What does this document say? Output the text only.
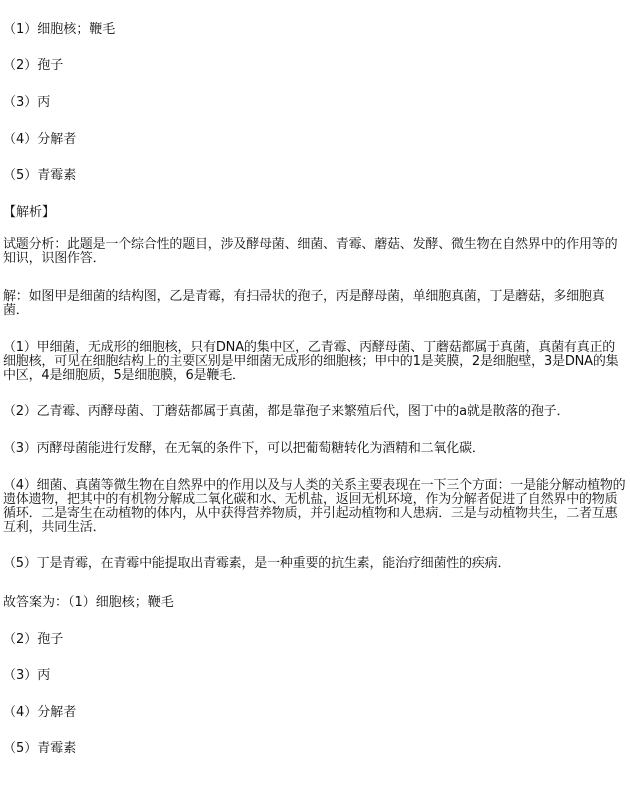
（1）细胞核；鞭毛
（2）孢子
（3）丙
（4）分解者
（5）青霉素
【解析】
试题分析：此题是一个综合性的题目，涉及酵母菌、细菌、青霉、蘑菇、发酵、微生物在自然界中的作用等的知识，识图作答．
解：如图甲是细菌的结构图，乙是青霉，有扫帚状的孢子，丙是酵母菌，单细胞真菌，丁是蘑菇，多细胞真菌．
（1）甲细菌，无成形的细胞核，只有DNA的集中区，乙青霉、丙酵母菌、丁蘑菇都属于真菌，真菌有真正的细胞核，可见在细胞结构上的主要区别是甲细菌无成形的细胞核；甲中的1是荚膜，2是细胞壁，3是DNA的集中区，4是细胞质，5是细胞膜，6是鞭毛．
（2）乙青霉、丙酵母菌、丁蘑菇都属于真菌，都是靠孢子来繁殖后代，图丁中的a就是散落的孢子．
（3）丙酵母菌能进行发酵，在无氧的条件下，可以把葡萄糖转化为酒精和二氧化碳．
（4）细菌、真菌等微生物在自然界中的作用以及与人类的关系主要表现在一下三个方面：一是能分解动植物的遗体遗物，把其中的有机物分解成二氧化碳和水、无机盐，返回无机环境，作为分解者促进了自然界中的物质循环．二是寄生在动植物的体内，从中获得营养物质，并引起动植物和人患病．三是与动植物共生，二者互惠互利，共同生活．
（5）丁是青霉，在青霉中能提取出青霉素，是一种重要的抗生素，能治疗细菌性的疾病．
故答案为：（1）细胞核；鞭毛
（2）孢子
（3）丙
（4）分解者
（5）青霉素
